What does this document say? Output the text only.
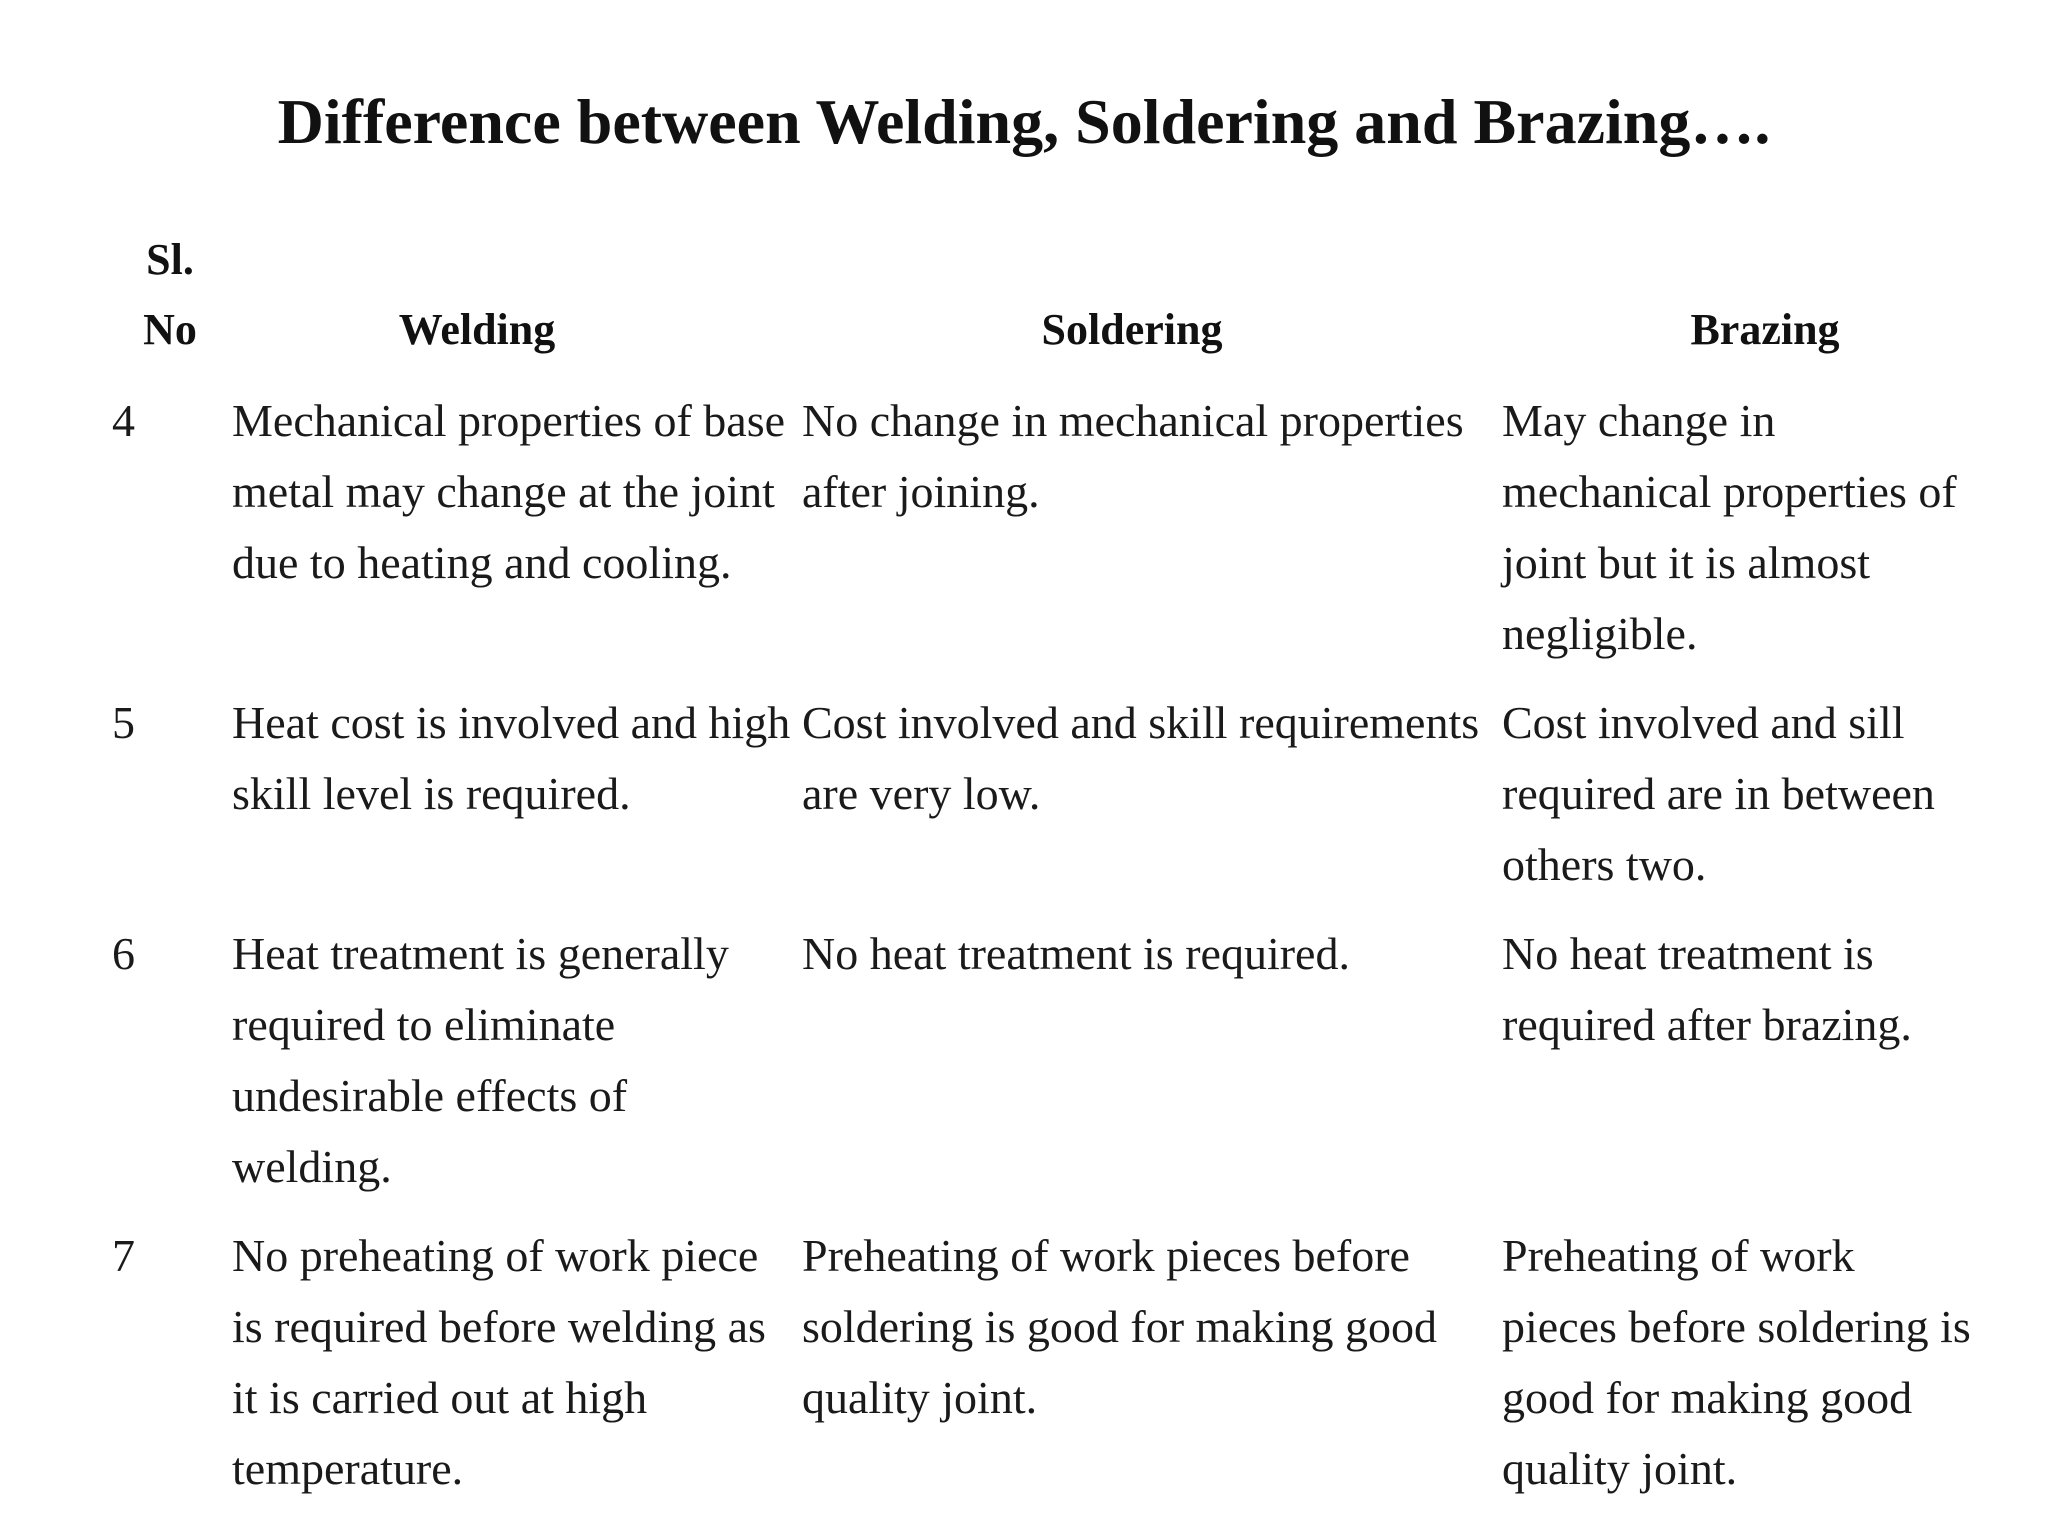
Difference between Welding, Soldering and Brazing….
Sl.
No	Welding	Soldering	Brazing
4	Mechanical properties of base metal may change at the joint due to heating and cooling.	No change in mechanical properties after joining.	May change in mechanical properties of joint but it is almost negligible.
5	Heat cost is involved and high skill level is required.	Cost involved and skill requirements are very low.	Cost involved and sill required are in between others two.
6	Heat treatment is generally required to eliminate undesirable effects of welding.	No heat treatment is required.	No heat treatment is required after brazing.
7	No preheating of work piece is required before welding as it is carried out at high temperature.	Preheating of work pieces before soldering is good for making good quality joint.	Preheating of work pieces before soldering is good for making good quality joint.
